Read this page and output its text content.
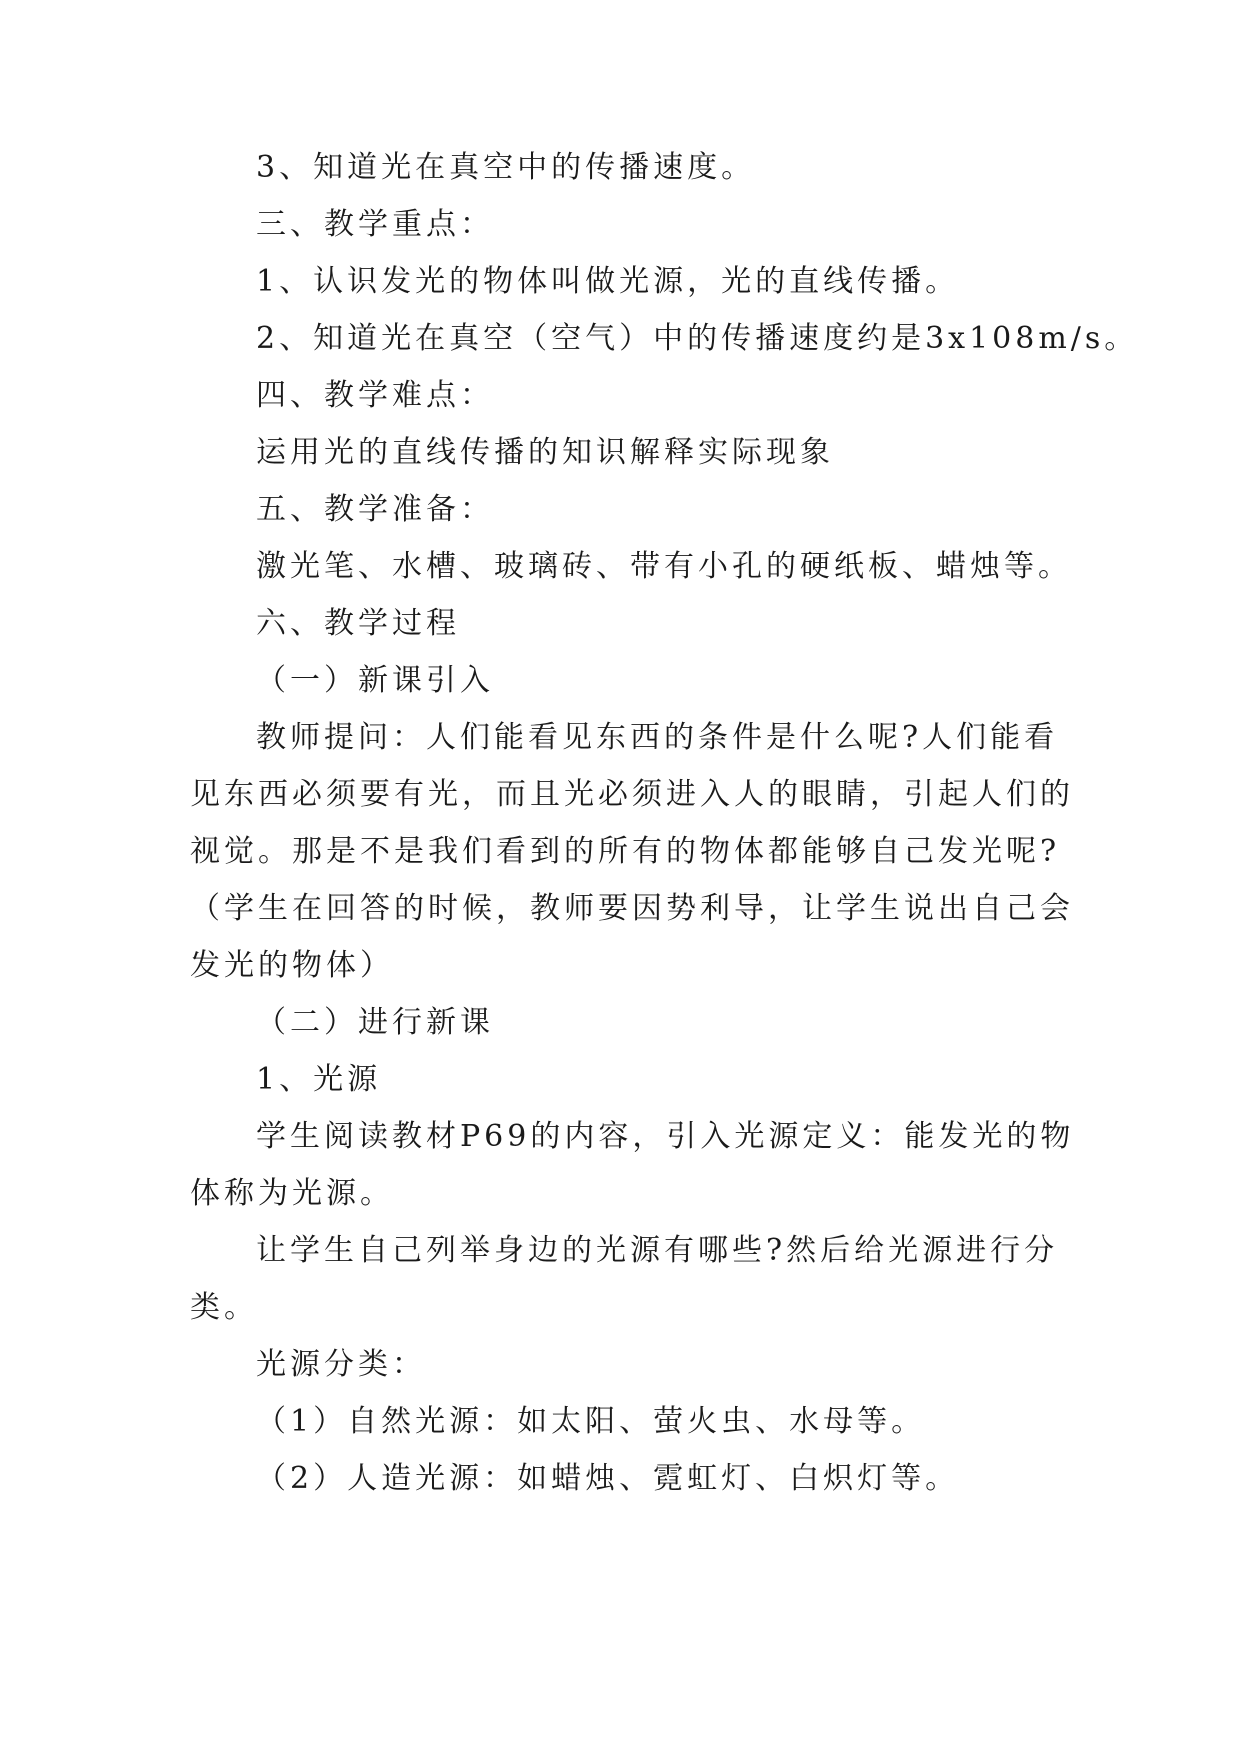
3、知道光在真空中的传播速度。
三、教学重点：
1、认识发光的物体叫做光源，光的直线传播。
2、知道光在真空（空气）中的传播速度约是3x108m/s。
四、教学难点：
运用光的直线传播的知识解释实际现象
五、教学准备：
激光笔、水槽、玻璃砖、带有小孔的硬纸板、蜡烛等。
六、教学过程
（一）新课引入
教师提问：人们能看见东西的条件是什么呢?人们能看
见东西必须要有光，而且光必须进入人的眼睛，引起人们的
视觉。那是不是我们看到的所有的物体都能够自己发光呢?
（学生在回答的时候，教师要因势利导，让学生说出自己会
发光的物体）
（二）进行新课
1、光源
学生阅读教材P69的内容，引入光源定义：能发光的物
体称为光源。
让学生自己列举身边的光源有哪些?然后给光源进行分
类。
光源分类：
（1）自然光源：如太阳、萤火虫、水母等。
（2）人造光源：如蜡烛、霓虹灯、白炽灯等。
